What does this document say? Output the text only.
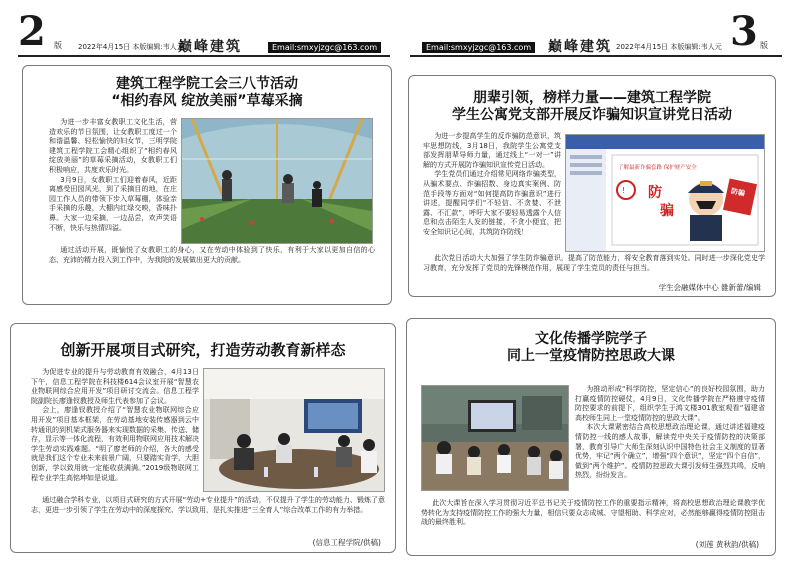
2 版 2022年4月15日 本版编辑:韦人元
巅峰建筑	Email:smxyjzgc@163.com	Email:smxyjzgc@163.com 巅峰建筑 2022年4月15日 本版编辑:韦人元 3 版
建筑工程学院工会三八节活动
“相约春风 绽放美丽”草莓采摘

为进一步丰富女教职工文化生活，营造欢乐的节日氛围，让女教职工度过一个和谐温馨、轻松愉快的妇女节，三明学院建筑工程学院工会精心组织了“相约春风 绽放美丽”的草莓采摘活动，女教职工们积极响应，共度欢乐时光。

3月9日，女教职工们迎着春风，近距离感受田园风光，到了采摘目的地，在庄园工作人员的带领下步入草莓棚，体验亲手采摘的乐趣，大棚内红绿交映，香味扑鼻。大家一边采摘，一边品尝，欢声笑语不断，快乐与热情四溢。

通过活动开展，既愉悦了女教职工的身心，又在劳动中体验到了快乐，有利于大家以更加自信的心态、充沛的精力投入到工作中，为我院的发展做出更大的贡献。

创新开展项目式研究，打造劳动教育新样态

为促进专业的提升与劳动教育有效融合，4月13日下午，信息工程学院在科技楼614会议室开展“智慧农业物联网综合应用开发”项目研讨交流会。信息工程学院副院长廖逢钗教授及师生代表参加了会议。

会上，廖逢钗教授介绍了“智慧农业物联网综合应用开发”项目基本框架，在劳动基地安装传感器到云中转通讯的到机架式服务器来实现数据的采集、传送、储存，显示等一体化流程，有效利用物联网应用技术解决学生劳动实践难题。“明了廖老师的介绍，各大的感受就是我们这个专业未来前景广阔，只要踏实肯学，大胆创新，学以致用就一定能收获满满。”2019级物联网工程专业学生高铭坤如是说道。

通过融合学科专业，以项目式研究的方式开展“劳动+专业提升”的活动，不仅提升了学生的劳动能力、锻炼了意志，更进一步引领了学生在劳动中的深度探究、学以致用，是扎实推进“三全育人”综合改革工作的有力举措。

(信息工程学院/供稿)
朋辈引领，榜样力量——建筑工程学院
学生公寓党支部开展反诈骗知识宣讲党日活动

为进一步提高学生的反诈骗防范意识，筑牢思想防线，3月18日，我院学生公寓党支部发挥朋辈导师力量，通过线上“一对一”讲解的方式开展防诈骗知识宣传党日活动。

学生党员们通过介绍常见网络诈骗类型，从骗术要点、诈骗招数、身边真实案例、防范手段等方面对“如何提高防诈骗意识”进行讲述，提醒同学们“不轻信、不贪婪、不泄露、不汇款”，呼吁大家不要轻易透露个人信息和点击陌生人发的链接，不贪小便宜，把安全知识记心间，共筑防诈防线！

了解最新诈骗套路 保护财产安全
! 防
骗
防骗

此次党日活动大大加强了学生防诈骗意识，提高了防范能力，将安全教育落到实处。同时进一步深化党史学习教育，充分发挥了党员的先锋模范作用，展现了学生党员的责任与担当。

学生会融媒体中心 雒新蕾/编辑
文化传播学院学子
同上一堂疫情防控思政大课

为推动形成“科学防控，坚定信心”的良好校园氛围，助力打赢疫情防控硬仗，4月9日，文化传播学院在严格遵守疫情防控要求的前提下，组织学生于鸿文楼301教室观看“福建省高校师生同上一堂疫情防控的思政大课”。

本次大课紧密结合高校思想政治理论课，通过讲述福建疫情防控一线的感人故事，解读党中央关于疫情防控的决策部署，教育引导广大师生深刻认识中国特色社会主义制度的显著优势，牢记“两个确立”，增强“四个意识”，坚定“四个自信”，做到“两个维护”。疫情防控思政大课引发师生强烈共鸣，反响热烈，纷纷发言。

此次大课旨在深入学习贯彻习近平总书记关于疫情防控工作的重要指示精神，将高校思想政治理论课教学优势转化为支持疫情防控工作的强大力量，相信只要众志成城、守望相助、科学应对，必然能够赢得疫情防控阻击战的最终胜利。

(刘莲 黄秋韵/供稿)
